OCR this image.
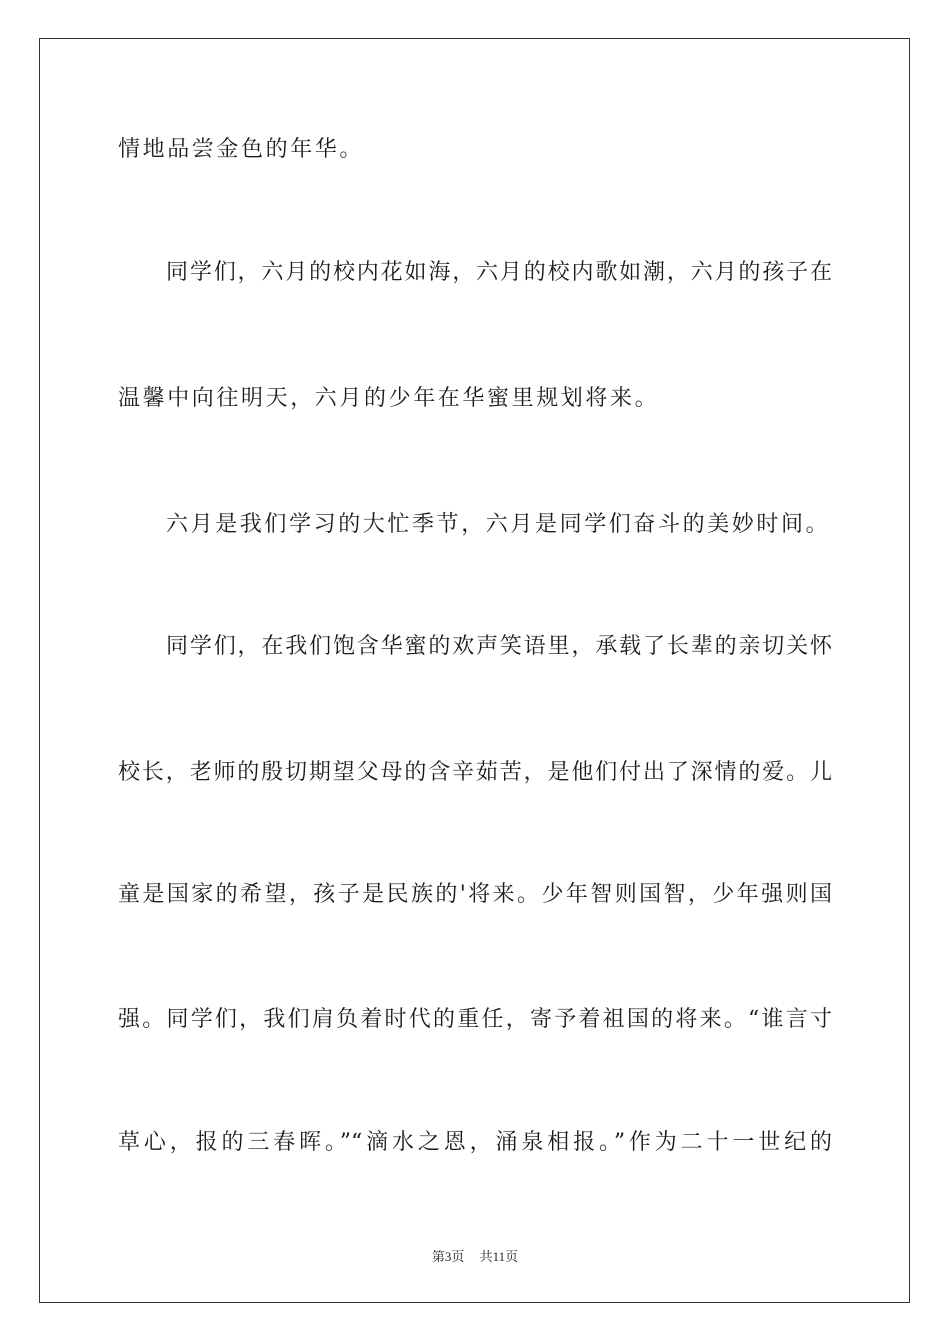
情地品尝金色的年华。

同学们，六月的校内花如海，六月的校内歌如潮，六月的孩子在

温馨中向往明天，六月的少年在华蜜里规划将来。

六月是我们学习的大忙季节，六月是同学们奋斗的美妙时间。

同学们，在我们饱含华蜜的欢声笑语里，承载了长辈的亲切关怀

校长，老师的殷切期望父母的含辛茹苦，是他们付出了深情的爱。儿

童是国家的希望，孩子是民族的'将来。少年智则国智，少年强则国

强。同学们，我们肩负着时代的重任，寄予着祖国的将来。“谁言寸

草心，报的三春晖。”“滴水之恩，涌泉相报。”作为二十一世纪的

第3页 共11页
